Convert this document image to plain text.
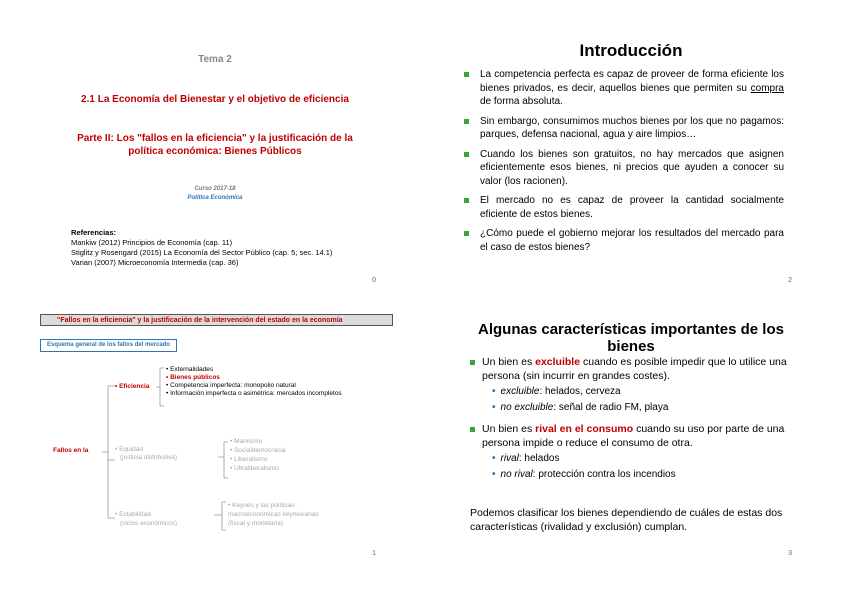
Tema 2
2.1 La Economía del Bienestar y el objetivo de eficiencia
Parte II: Los "fallos en la eficiencia" y la justificación de la política económica: Bienes Públicos
Curso 2017-18
Política Económica
Referencias:
Mankiw (2012) Principios de Economía (cap. 11)
Stiglitz y Rosengard (2015) La Economía del Sector Público (cap. 5; sec. 14.1)
Varian (2007) Microeconomía Intermedia (cap. 36)
0
Introducción
La competencia perfecta es capaz de proveer de forma eficiente los bienes privados, es decir, aquellos bienes que permiten su compra de forma absoluta.
Sin embargo, consumimos muchos bienes por los que no pagamos: parques, defensa nacional, agua y aire limpios…
Cuando los bienes son gratuitos, no hay mercados que asignen eficientemente esos bienes, ni precios que ayuden a conocer su valor (los racionen).
El mercado no es capaz de proveer la cantidad socialmente eficiente de estos bienes.
¿Cómo puede el gobierno mejorar los resultados del mercado para el caso de estos bienes?
2
"Fallos en la eficiencia" y la justificación de la intervención del estado en la economía
Esquema general de los fallos del mercado
Fallos en la
• Eficiencia
• Externalidades
• Bienes públicos
• Competencia imperfecta: monopolio natural
• Información imperfecta o asimétrica: mercados incompletos
• Equidad
(justicia distributiva)
• Marxismo
• Socialdemocracia
• Liberalismo
• Ultraliberalismo
• Estabilidad
(ciclos económicos)
• Keynes y las políticas
macroeconómicas keynesianas
(fiscal y monetaria)
1
Algunas características importantes de los bienes
Un bien es excluible cuando es posible impedir que lo utilice una persona (sin incurrir en grandes costes).
• excluible: helados, cerveza
• no excluible: señal de radio FM, playa
Un bien es rival en el consumo cuando su uso por parte de una persona impide o reduce el consumo de otra.
• rival: helados
• no rival: protección contra los incendios
Podemos clasificar los bienes dependiendo de cuáles de estas dos características (rivalidad y exclusión) cumplan.
3
